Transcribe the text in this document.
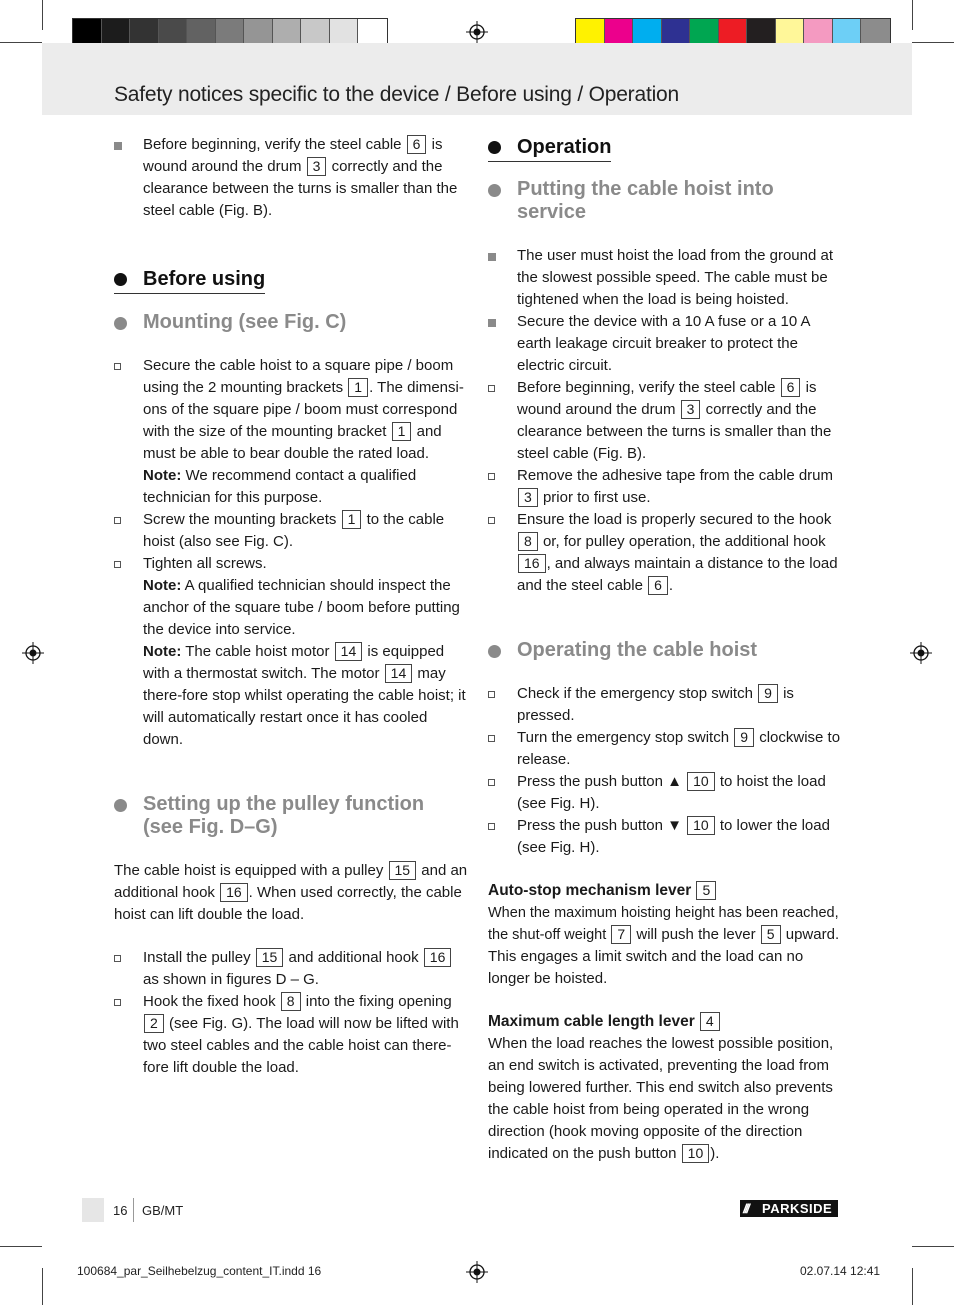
Safety notices specific to the device / Before using / Operation
Before beginning, verify the steel cable 6 is wound around the drum 3 correctly and the clearance between the turns is smaller than the steel cable (Fig. B).
Before using
Mounting (see Fig. C)
Secure the cable hoist to a square pipe / boom using the 2 mounting brackets 1 . The dimensi-ons of the square pipe / boom must correspond with the size of the mounting bracket 1 and must be able to bear double the rated load.
Note: We recommend contact a qualified technician for this purpose.
Screw the mounting brackets 1 to the cable hoist (also see Fig. C).
Tighten all screws.
Note: A qualified technician should inspect the anchor of the square tube / boom before putting the device into service.
Note: The cable hoist motor 14 is equipped with a thermostat switch. The motor 14 may there-fore stop whilst operating the cable hoist; it will automatically restart once it has cooled down.
Setting up the pulley function (see Fig. D–G)
The cable hoist is equipped with a pulley 15 and an additional hook 16 . When used correctly, the cable hoist can lift double the load.
Install the pulley 15 and additional hook 16 as shown in figures D – G.
Hook the fixed hook 8 into the fixing opening 2 (see Fig. G). The load will now be lifted with two steel cables and the cable hoist can there-fore lift double the load.
Operation
Putting the cable hoist into service
The user must hoist the load from the ground at the slowest possible speed. The cable must be tightened when the load is being hoisted.
Secure the device with a 10 A fuse or a 10 A earth leakage circuit breaker to protect the electric circuit.
Before beginning, verify the steel cable 6 is wound around the drum 3 correctly and the clearance between the turns is smaller than the steel cable (Fig. B).
Remove the adhesive tape from the cable drum 3 prior to first use.
Ensure the load is properly secured to the hook 8 or, for pulley operation, the additional hook 16 , and always maintain a distance to the load and the steel cable 6 .
Operating the cable hoist
Check if the emergency stop switch 9 is pressed.
Turn the emergency stop switch 9 clockwise to release.
Press the push button ▲ 10 to hoist the load (see Fig. H).
Press the push button ▼ 10 to lower the load (see Fig. H).
Auto-stop mechanism lever 5
When the maximum hoisting height has been reached, the shut-off weight 7 will push the lever 5 upward. This engages a limit switch and the load can no longer be hoisted.
Maximum cable length lever 4
When the load reaches the lowest possible position, an end switch is activated, preventing the load from being lowered further. This end switch also prevents the cable hoist from being operated in the wrong direction (hook moving opposite of the direction indicated on the push button 10 ).
16 GB/MT	///	PARKSIDE
100684_par_Seilhebelzug_content_IT.indd 16	02.07.14 12:41
